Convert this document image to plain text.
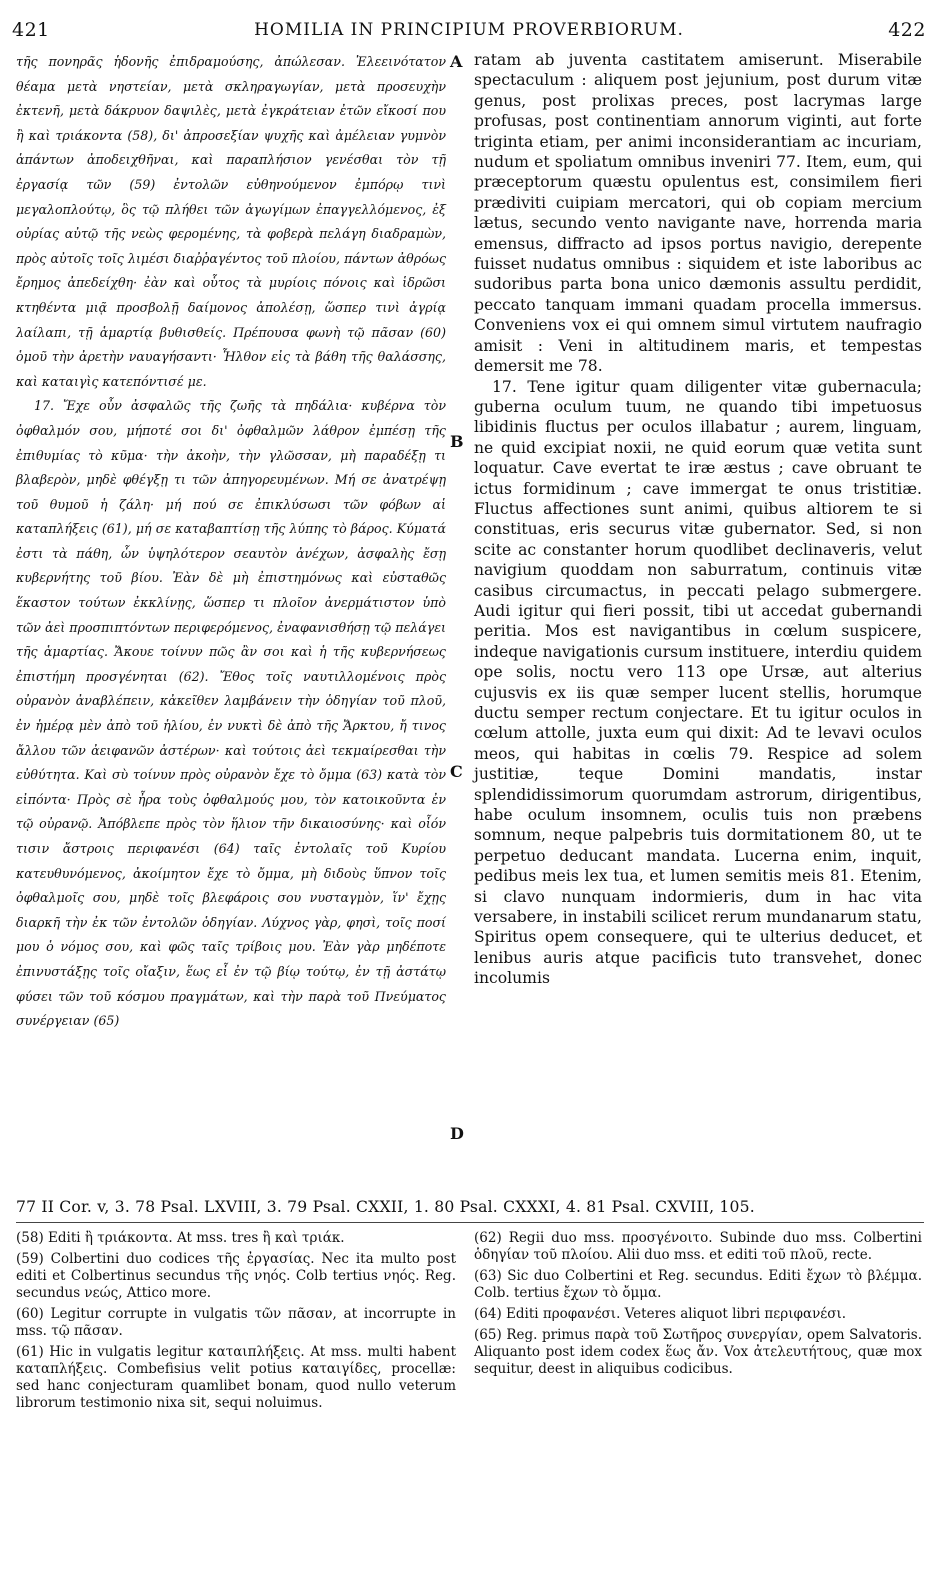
421	HOMILIA IN PRINCIPIUM PROVERBIORUM.	422

τῆς πονηρᾶς ἡδονῆς ἐπιδραμούσης, ἀπώλεσαν. Ἐλεεινότατον θέαμα μετὰ νηστείαν, μετὰ σκληραγωγίαν, μετὰ προσευχὴν ἐκτενῆ, μετὰ δάκρυον δαψιλὲς, μετὰ ἐγκράτειαν ἐτῶν εἴκοσί που ἢ καὶ τριάκοντα (58), δι' ἀπροσεξίαν ψυχῆς καὶ ἀμέλειαν γυμνὸν ἁπάντων ἀποδειχθῆναι, καὶ παραπλήσιον γενέσθαι τὸν τῇ ἐργασίᾳ τῶν (59) ἐντολῶν εὐθηνούμενον ἐμπόρῳ τινὶ μεγαλοπλούτῳ, ὃς τῷ πλήθει τῶν ἀγωγίμων ἐπαγγελλόμενος, ἐξ οὐρίας αὐτῷ τῆς νεὼς φερομένης, τὰ φοβερὰ πελάγη διαδραμὼν, πρὸς αὐτοῖς τοῖς λιμέσι διαῤῥαγέντος τοῦ πλοίου, πάντων ἀθρόως ἔρημος ἀπεδείχθη· ἐὰν καὶ οὗτος τὰ μυρίοις πόνοις καὶ ἱδρῶσι κτηθέντα μιᾷ προσβολῇ δαίμονος ἀπολέσῃ, ὥσπερ τινὶ ἀγρίᾳ λαίλαπι, τῇ ἁμαρτίᾳ βυθισθείς. Πρέπουσα φωνὴ τῷ πᾶσαν (60) ὁμοῦ τὴν ἀρετὴν ναυαγήσαντι· Ἦλθον εἰς τὰ βάθη τῆς θαλάσσης, καὶ καταιγὶς κατεπόντισέ με.

17. Ἔχε οὖν ἀσφαλῶς τῆς ζωῆς τὰ πηδάλια· κυβέρνα τὸν ὀφθαλμόν σου, μήποτέ σοι δι' ὀφθαλμῶν λάθρον ἐμπέσῃ τῆς ἐπιθυμίας τὸ κῦμα· τὴν ἀκοὴν, τὴν γλῶσσαν, μὴ παραδέξῃ τι βλαβερὸν, μηδὲ φθέγξῃ τι τῶν ἀπηγορευμένων. Μή σε ἀνατρέψῃ τοῦ θυμοῦ ἡ ζάλη· μή πού σε ἐπικλύσωσι τῶν φόβων αἱ καταπλήξεις (61), μή σε καταβαπτίσῃ τῆς λύπης τὸ βάρος. Κύματά ἐστι τὰ πάθη, ὧν ὑψηλότερον σεαυτὸν ἀνέχων, ἀσφαλὴς ἔσῃ κυβερνήτης τοῦ βίου. Ἐὰν δὲ μὴ ἐπιστημόνως καὶ εὐσταθῶς ἕκαστον τούτων ἐκκλίνῃς, ὥσπερ τι πλοῖον ἀνερμάτιστον ὑπὸ τῶν ἀεὶ προσπιπτόντων περιφερόμενος, ἐναφανισθήσῃ τῷ πελάγει τῆς ἁμαρτίας. Ἄκουε τοίνυν πῶς ἂν σοι καὶ ἡ τῆς κυβερνήσεως ἐπιστήμη προσγένηται (62). Ἔθος τοῖς ναυτιλλομένοις πρὸς οὐρανὸν ἀναβλέπειν, κἀκεῖθεν λαμβάνειν τὴν ὁδηγίαν τοῦ πλοῦ, ἐν ἡμέρᾳ μὲν ἀπὸ τοῦ ἡλίου, ἐν νυκτὶ δὲ ἀπὸ τῆς Ἄρκτου, ἤ τινος ἄλλου τῶν ἀειφανῶν ἀστέρων· καὶ τούτοις ἀεὶ τεκμαίρεσθαι τὴν εὐθύτητα. Καὶ σὺ τοίνυν πρὸς οὐρανὸν ἔχε τὸ ὄμμα (63) κατὰ τὸν εἰπόντα· Πρὸς σὲ ἦρα τοὺς ὀφθαλμούς μου, τὸν κατοικοῦντα ἐν τῷ οὐρανῷ. Ἀπόβλεπε πρὸς τὸν ἥλιον τῆν δικαιοσύνης· καὶ οἷόν τισιν ἄστροις περιφανέσι (64) ταῖς ἐντολαῖς τοῦ Κυρίου κατευθυνόμενος, ἀκοίμητον ἔχε τὸ ὄμμα, μὴ διδοὺς ὕπνον τοῖς ὀφθαλμοῖς σου, μηδὲ τοῖς βλεφάροις σου νυσταγμὸν, ἵν' ἔχῃς διαρκῆ τὴν ἐκ τῶν ἐντολῶν ὁδηγίαν. Λύχνος γὰρ, φησὶ, τοῖς ποσί μου ὁ νόμος σου, καὶ φῶς ταῖς τρίβοις μου. Ἐὰν γὰρ μηδέποτε ἐπινυστάξῃς τοῖς οἴαξιν, ἕως εἶ ἐν τῷ βίῳ τούτῳ, ἐν τῇ ἀστάτῳ φύσει τῶν τοῦ κόσμου πραγμάτων, καὶ τὴν παρὰ τοῦ Πνεύματος συνέργειαν (65)

A
B
C
D

ratam ab juventa castitatem amiserunt. Miserabile spectaculum : aliquem post jejunium, post durum vitæ genus, post prolixas preces, post lacrymas large profusas, post continentiam annorum viginti, aut forte triginta etiam, per animi inconsiderantiam ac incuriam, nudum et spoliatum omnibus inveniri 77. Item, eum, qui præceptorum quæstu opulentus est, consimilem fieri prædiviti cuipiam mercatori, qui ob copiam mercium lætus, secundo vento navigante nave, horrenda maria emensus, diffracto ad ipsos portus navigio, derepente fuisset nudatus omnibus : siquidem et iste laboribus ac sudoribus parta bona unico dæmonis assultu perdidit, peccato tanquam immani quadam procella immersus. Conveniens vox ei qui omnem simul virtutem naufragio amisit : Veni in altitudinem maris, et tempestas demersit me 78.

17. Tene igitur quam diligenter vitæ gubernacula; guberna oculum tuum, ne quando tibi impetuosus libidinis fluctus per oculos illabatur ; aurem, linguam, ne quid excipiat noxii, ne quid eorum quæ vetita sunt loquatur. Cave evertat te iræ æstus ; cave obruant te ictus formidinum ; cave immergat te onus tristitiæ. Fluctus affectiones sunt animi, quibus altiorem te si constituas, eris securus vitæ gubernator. Sed, si non scite ac constanter horum quodlibet declinaveris, velut navigium quoddam non saburratum, continuis vitæ casibus circumactus, in peccati pelago submergere. Audi igitur qui fieri possit, tibi ut accedat gubernandi peritia. Mos est navigantibus in cœlum suspicere, indeque navigationis cursum instituere, interdiu quidem ope solis, noctu vero 113 ope Ursæ, aut alterius cujusvis ex iis quæ semper lucent stellis, horumque ductu semper rectum conjectare. Et tu igitur oculos in cœlum attolle, juxta eum qui dixit: Ad te levavi oculos meos, qui habitas in cœlis 79. Respice ad solem justitiæ, teque Domini mandatis, instar splendidissimorum quorumdam astrorum, dirigentibus, habe oculum insomnem, oculis tuis non præbens somnum, neque palpebris tuis dormitationem 80, ut te perpetuo deducant mandata. Lucerna enim, inquit, pedibus meis lex tua, et lumen semitis meis 81. Etenim, si clavo nunquam indormieris, dum in hac vita versabere, in instabili scilicet rerum mundanarum statu, Spiritus opem consequere, qui te ulterius deducet, et lenibus auris atque pacificis tuto transvehet, donec incolumis

77 II Cor. v, 3. 78 Psal. LXVIII, 3. 79 Psal. CXXII, 1. 80 Psal. CXXXI, 4. 81 Psal. CXVIII, 105.

(58) Editi ἢ τριάκοντα. At mss. tres ἢ καὶ τριάκ.

(59) Colbertini duo codices τῆς ἐργασίας. Nec ita multo post editi et Colbertinus secundus τῆς νηός. Colb tertius νηός. Reg. secundus νεώς, Attico more.

(60) Legitur corrupte in vulgatis τῶν πᾶσαν, at incorrupte in mss. τῷ πᾶσαν.

(61) Hic in vulgatis legitur καταιπλήξεις. At mss. multi habent καταπλήξεις. Combefisius velit potius καταιγίδες, procellæ: sed hanc conjecturam quamlibet bonam, quod nullo veterum librorum testimonio nixa sit, sequi noluimus.

(62) Regii duo mss. προσγένοιτο. Subinde duo mss. Colbertini ὁδηγίαν τοῦ πλοίου. Alii duo mss. et editi τοῦ πλοῦ, recte.

(63) Sic duo Colbertini et Reg. secundus. Editi ἔχων τὸ βλέμμα. Colb. tertius ἔχων τὸ ὄμμα.

(64) Editi προφανέσι. Veteres aliquot libri περιφανέσι.

(65) Reg. primus παρὰ τοῦ Σωτῆρος συνεργίαν, opem Salvatoris. Aliquanto post idem codex ἕως ἄν. Vox ἀτελευτήτους, quæ mox sequitur, deest in aliquibus codicibus.
